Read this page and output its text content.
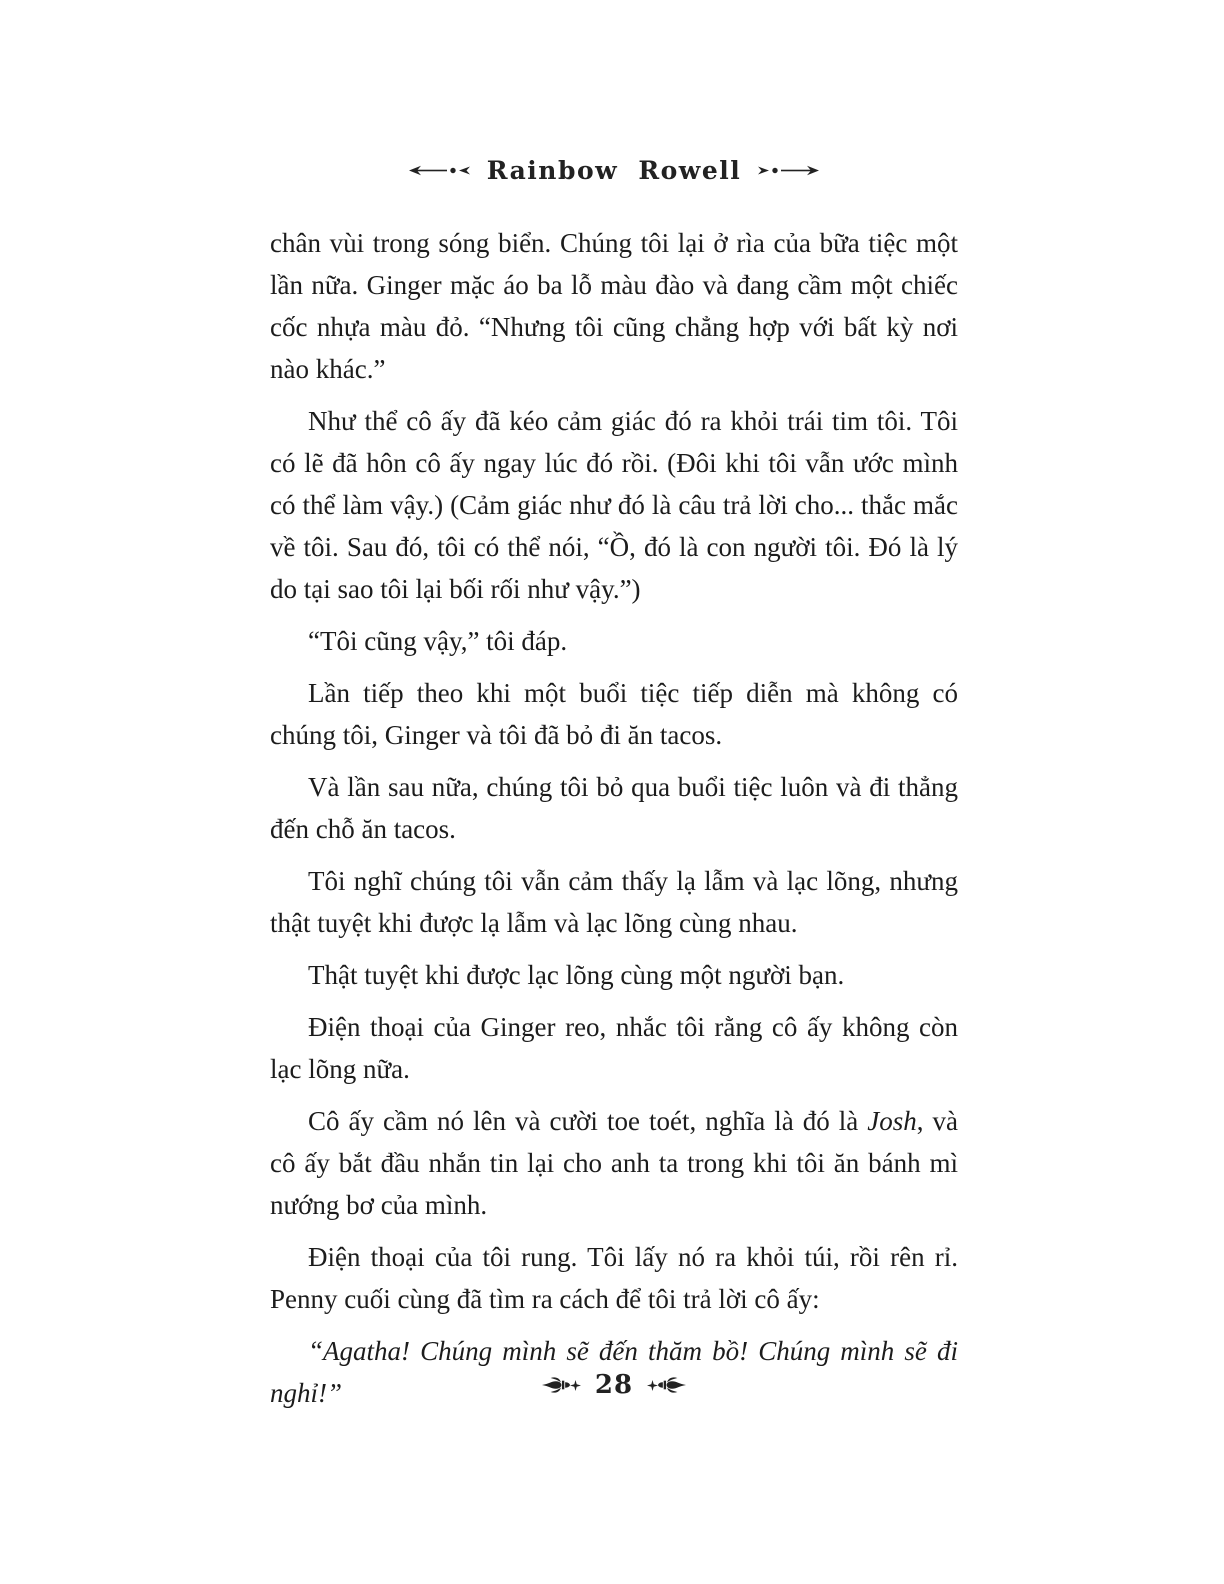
Rainbow Rowell

chân vùi trong sóng biển. Chúng tôi lại ở rìa của bữa tiệc một lần nữa. Ginger mặc áo ba lỗ màu đào và đang cầm một chiếc cốc nhựa màu đỏ. “Nhưng tôi cũng chẳng hợp với bất kỳ nơi nào khác.”

Như thể cô ấy đã kéo cảm giác đó ra khỏi trái tim tôi. Tôi có lẽ đã hôn cô ấy ngay lúc đó rồi. (Đôi khi tôi vẫn ước mình có thể làm vậy.) (Cảm giác như đó là câu trả lời cho... thắc mắc về tôi. Sau đó, tôi có thể nói, “Ồ, đó là con người tôi. Đó là lý do tại sao tôi lại bối rối như vậy.”)

“Tôi cũng vậy,” tôi đáp.

Lần tiếp theo khi một buổi tiệc tiếp diễn mà không có chúng tôi, Ginger và tôi đã bỏ đi ăn tacos.

Và lần sau nữa, chúng tôi bỏ qua buổi tiệc luôn và đi thẳng đến chỗ ăn tacos.

Tôi nghĩ chúng tôi vẫn cảm thấy lạ lẫm và lạc lõng, nhưng thật tuyệt khi được lạ lẫm và lạc lõng cùng nhau.

Thật tuyệt khi được lạc lõng cùng một người bạn.

Điện thoại của Ginger reo, nhắc tôi rằng cô ấy không còn lạc lõng nữa.

Cô ấy cầm nó lên và cười toe toét, nghĩa là đó là Josh, và cô ấy bắt đầu nhắn tin lại cho anh ta trong khi tôi ăn bánh mì nướng bơ của mình.

Điện thoại của tôi rung. Tôi lấy nó ra khỏi túi, rồi rên rỉ. Penny cuối cùng đã tìm ra cách để tôi trả lời cô ấy:

“Agatha! Chúng mình sẽ đến thăm bồ! Chúng mình sẽ đi nghỉ!”	28
